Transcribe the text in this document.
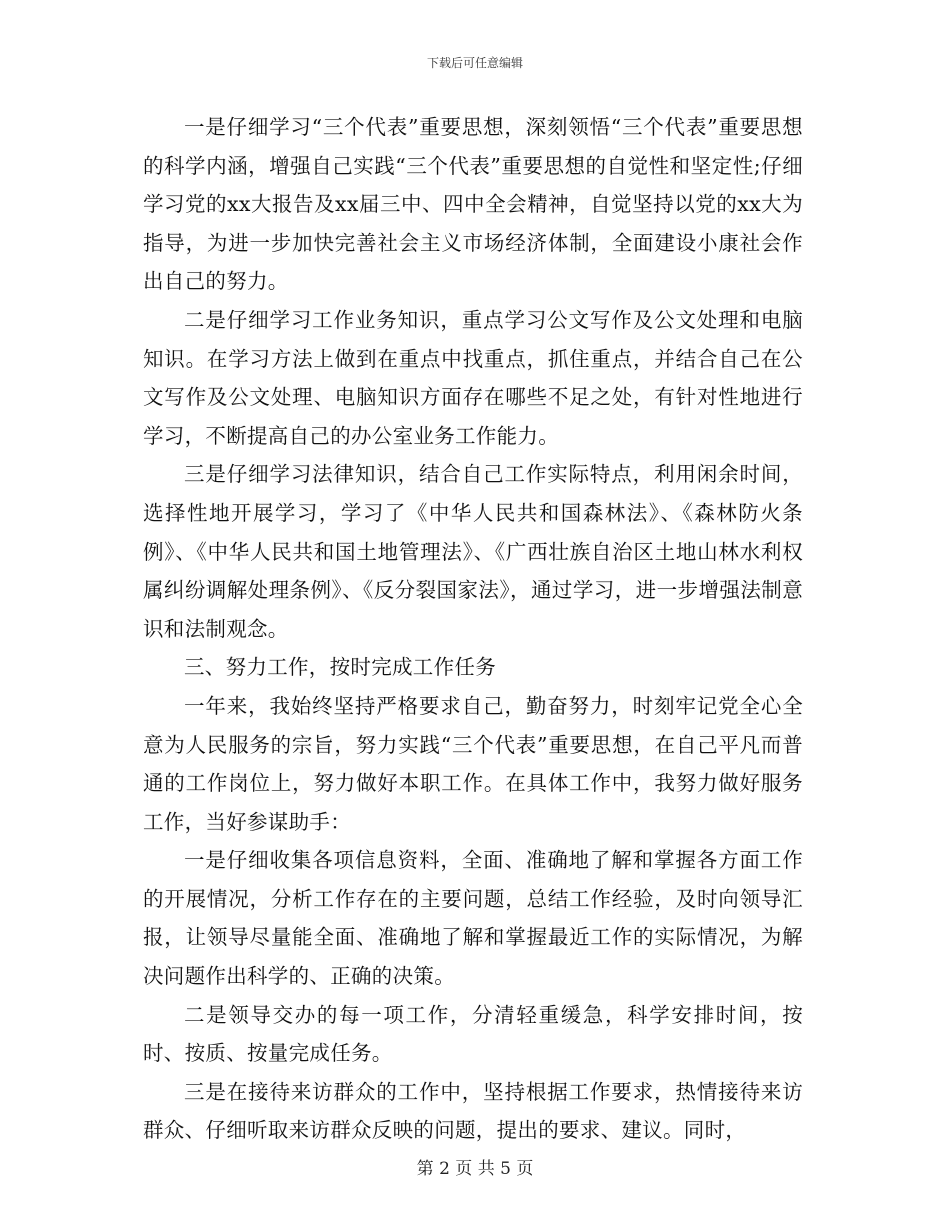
下载后可任意编辑

一是仔细学习“三个代表”重要思想，深刻领悟“三个代表”重要思想的科学内涵，增强自己实践“三个代表”重要思想的自觉性和坚定性;仔细学习党的xx大报告及xx届三中、四中全会精神，自觉坚持以党的xx大为指导，为进一步加快完善社会主义市场经济体制，全面建设小康社会作出自己的努力。

二是仔细学习工作业务知识，重点学习公文写作及公文处理和电脑知识。在学习方法上做到在重点中找重点，抓住重点，并结合自己在公文写作及公文处理、电脑知识方面存在哪些不足之处，有针对性地进行学习，不断提高自己的办公室业务工作能力。

三是仔细学习法律知识，结合自己工作实际特点，利用闲余时间，选择性地开展学习，学习了《中华人民共和国森林法》、《森林防火条例》、《中华人民共和国土地管理法》、《广西壮族自治区土地山林水利权属纠纷调解处理条例》、《反分裂国家法》，通过学习，进一步增强法制意识和法制观念。

三、努力工作，按时完成工作任务

一年来，我始终坚持严格要求自己，勤奋努力，时刻牢记党全心全意为人民服务的宗旨，努力实践“三个代表”重要思想，在自己平凡而普通的工作岗位上，努力做好本职工作。在具体工作中，我努力做好服务工作，当好参谋助手：

一是仔细收集各项信息资料，全面、准确地了解和掌握各方面工作的开展情况，分析工作存在的主要问题，总结工作经验，及时向领导汇报，让领导尽量能全面、准确地了解和掌握最近工作的实际情况，为解决问题作出科学的、正确的决策。

二是领导交办的每一项工作，分清轻重缓急，科学安排时间，按时、按质、按量完成任务。

三是在接待来访群众的工作中，坚持根据工作要求，热情接待来访群众、仔细听取来访群众反映的问题，提出的要求、建议。同时，

第 2 页 共 5 页
